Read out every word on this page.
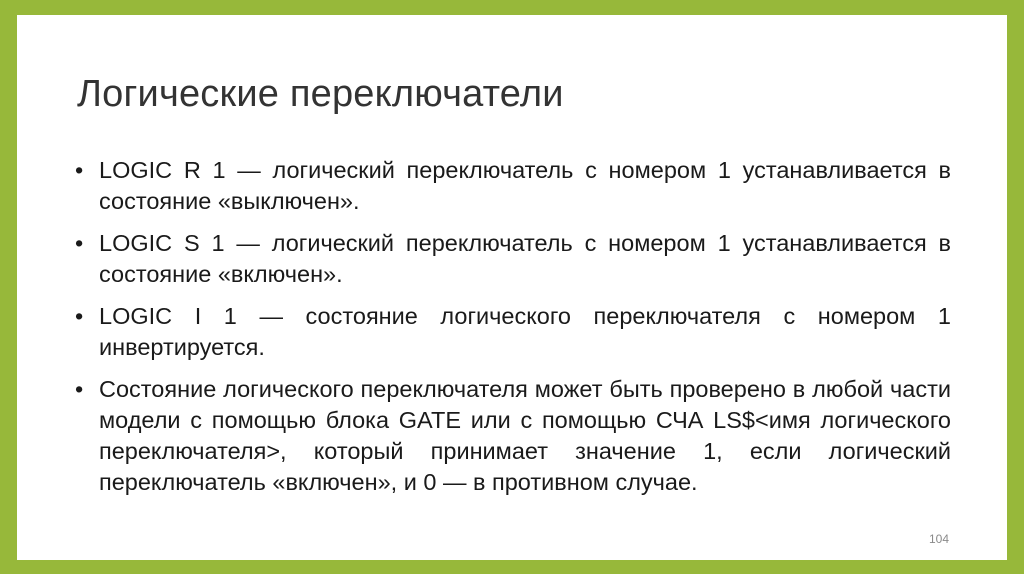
Логические переключатели
• LOGIC R 1 — логический переключатель с номером 1 устанавливается в состояние «выключен».
• LOGIC S 1 — логический переключатель с номером 1 устанавливается в состояние «включен».
• LOGIC I 1 — состояние логического переключателя с номером 1 инвертируется.
• Состояние логического переключателя может быть проверено в любой части модели с помощью блока GATE или с помощью СЧА LS$<имя логического переключателя>, который принимает значение 1, если логический переключатель «включен», и 0 — в противном случае.
104
